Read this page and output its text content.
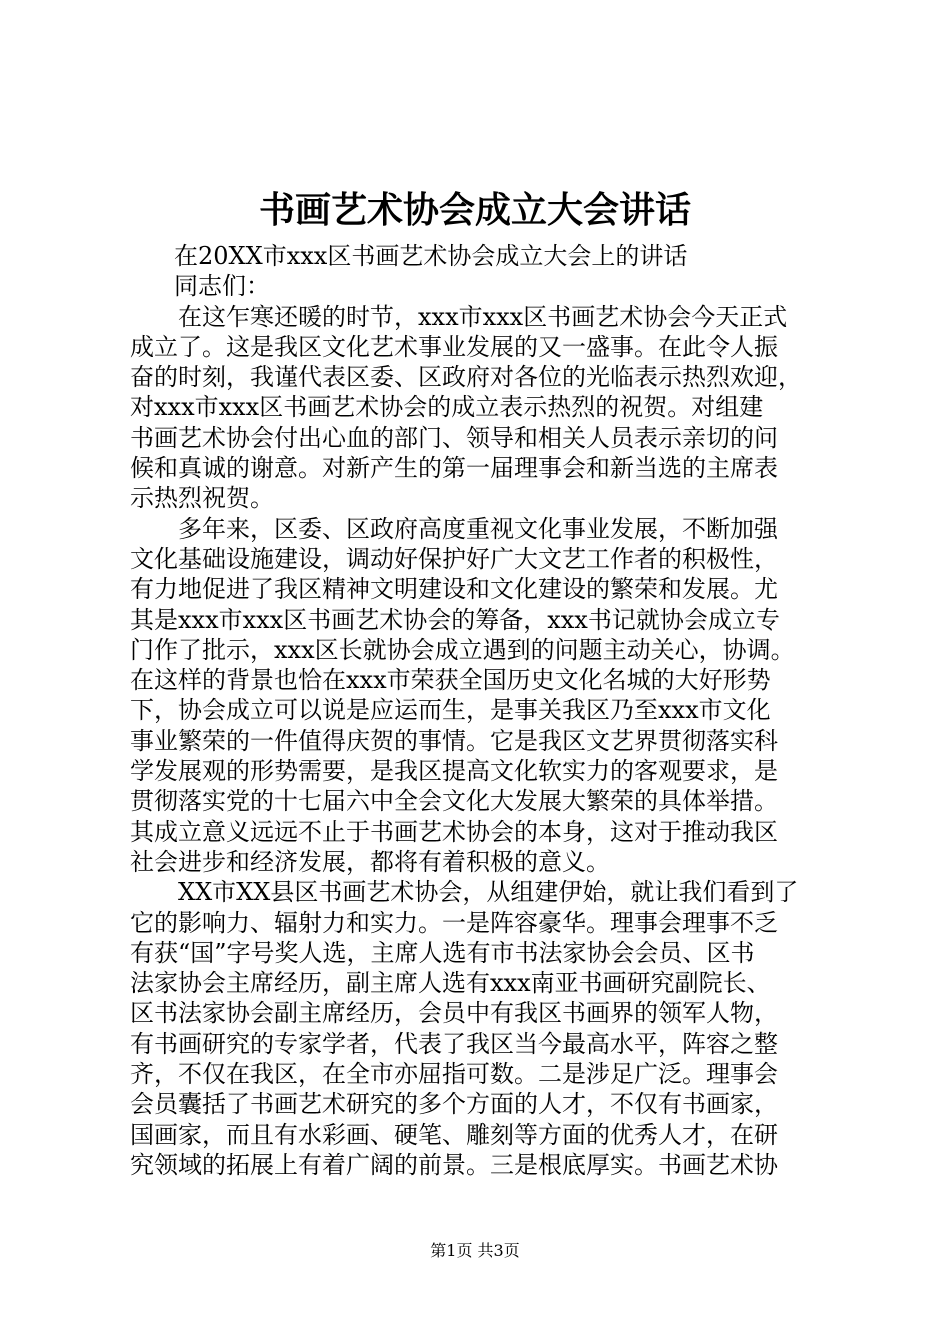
书画艺术协会成立大会讲话
在20XX市xxx区书画艺术协会成立大会上的讲话
同志们：
在这乍寒还暖的时节，xxx市xxx区书画艺术协会今天正式
成立了。这是我区文化艺术事业发展的又一盛事。在此令人振
奋的时刻，我谨代表区委、区政府对各位的光临表示热烈欢迎，
对xxx市xxx区书画艺术协会的成立表示热烈的祝贺。对组建
书画艺术协会付出心血的部门、领导和相关人员表示亲切的问
候和真诚的谢意。对新产生的第一届理事会和新当选的主席表
示热烈祝贺。
多年来，区委、区政府高度重视文化事业发展，不断加强
文化基础设施建设，调动好保护好广大文艺工作者的积极性，
有力地促进了我区精神文明建设和文化建设的繁荣和发展。尤
其是xxx市xxx区书画艺术协会的筹备，xxx书记就协会成立专
门作了批示，xxx区长就协会成立遇到的问题主动关心，协调。
在这样的背景也恰在xxx市荣获全国历史文化名城的大好形势
下，协会成立可以说是应运而生，是事关我区乃至xxx市文化
事业繁荣的一件值得庆贺的事情。它是我区文艺界贯彻落实科
学发展观的形势需要，是我区提高文化软实力的客观要求，是
贯彻落实党的十七届六中全会文化大发展大繁荣的具体举措。
其成立意义远远不止于书画艺术协会的本身，这对于推动我区
社会进步和经济发展，都将有着积极的意义。
XX市XX县区书画艺术协会，从组建伊始，就让我们看到了
它的影响力、辐射力和实力。一是阵容豪华。理事会理事不乏
有获“国”字号奖人选，主席人选有市书法家协会会员、区书
法家协会主席经历，副主席人选有xxx南亚书画研究副院长、
区书法家协会副主席经历，会员中有我区书画界的领军人物，
有书画研究的专家学者，代表了我区当今最高水平，阵容之整
齐，不仅在我区，在全市亦屈指可数。二是涉足广泛。理事会
会员囊括了书画艺术研究的多个方面的人才，不仅有书画家，
国画家，而且有水彩画、硬笔、雕刻等方面的优秀人才，在研
究领域的拓展上有着广阔的前景。三是根底厚实。书画艺术协
第1页 共3页
